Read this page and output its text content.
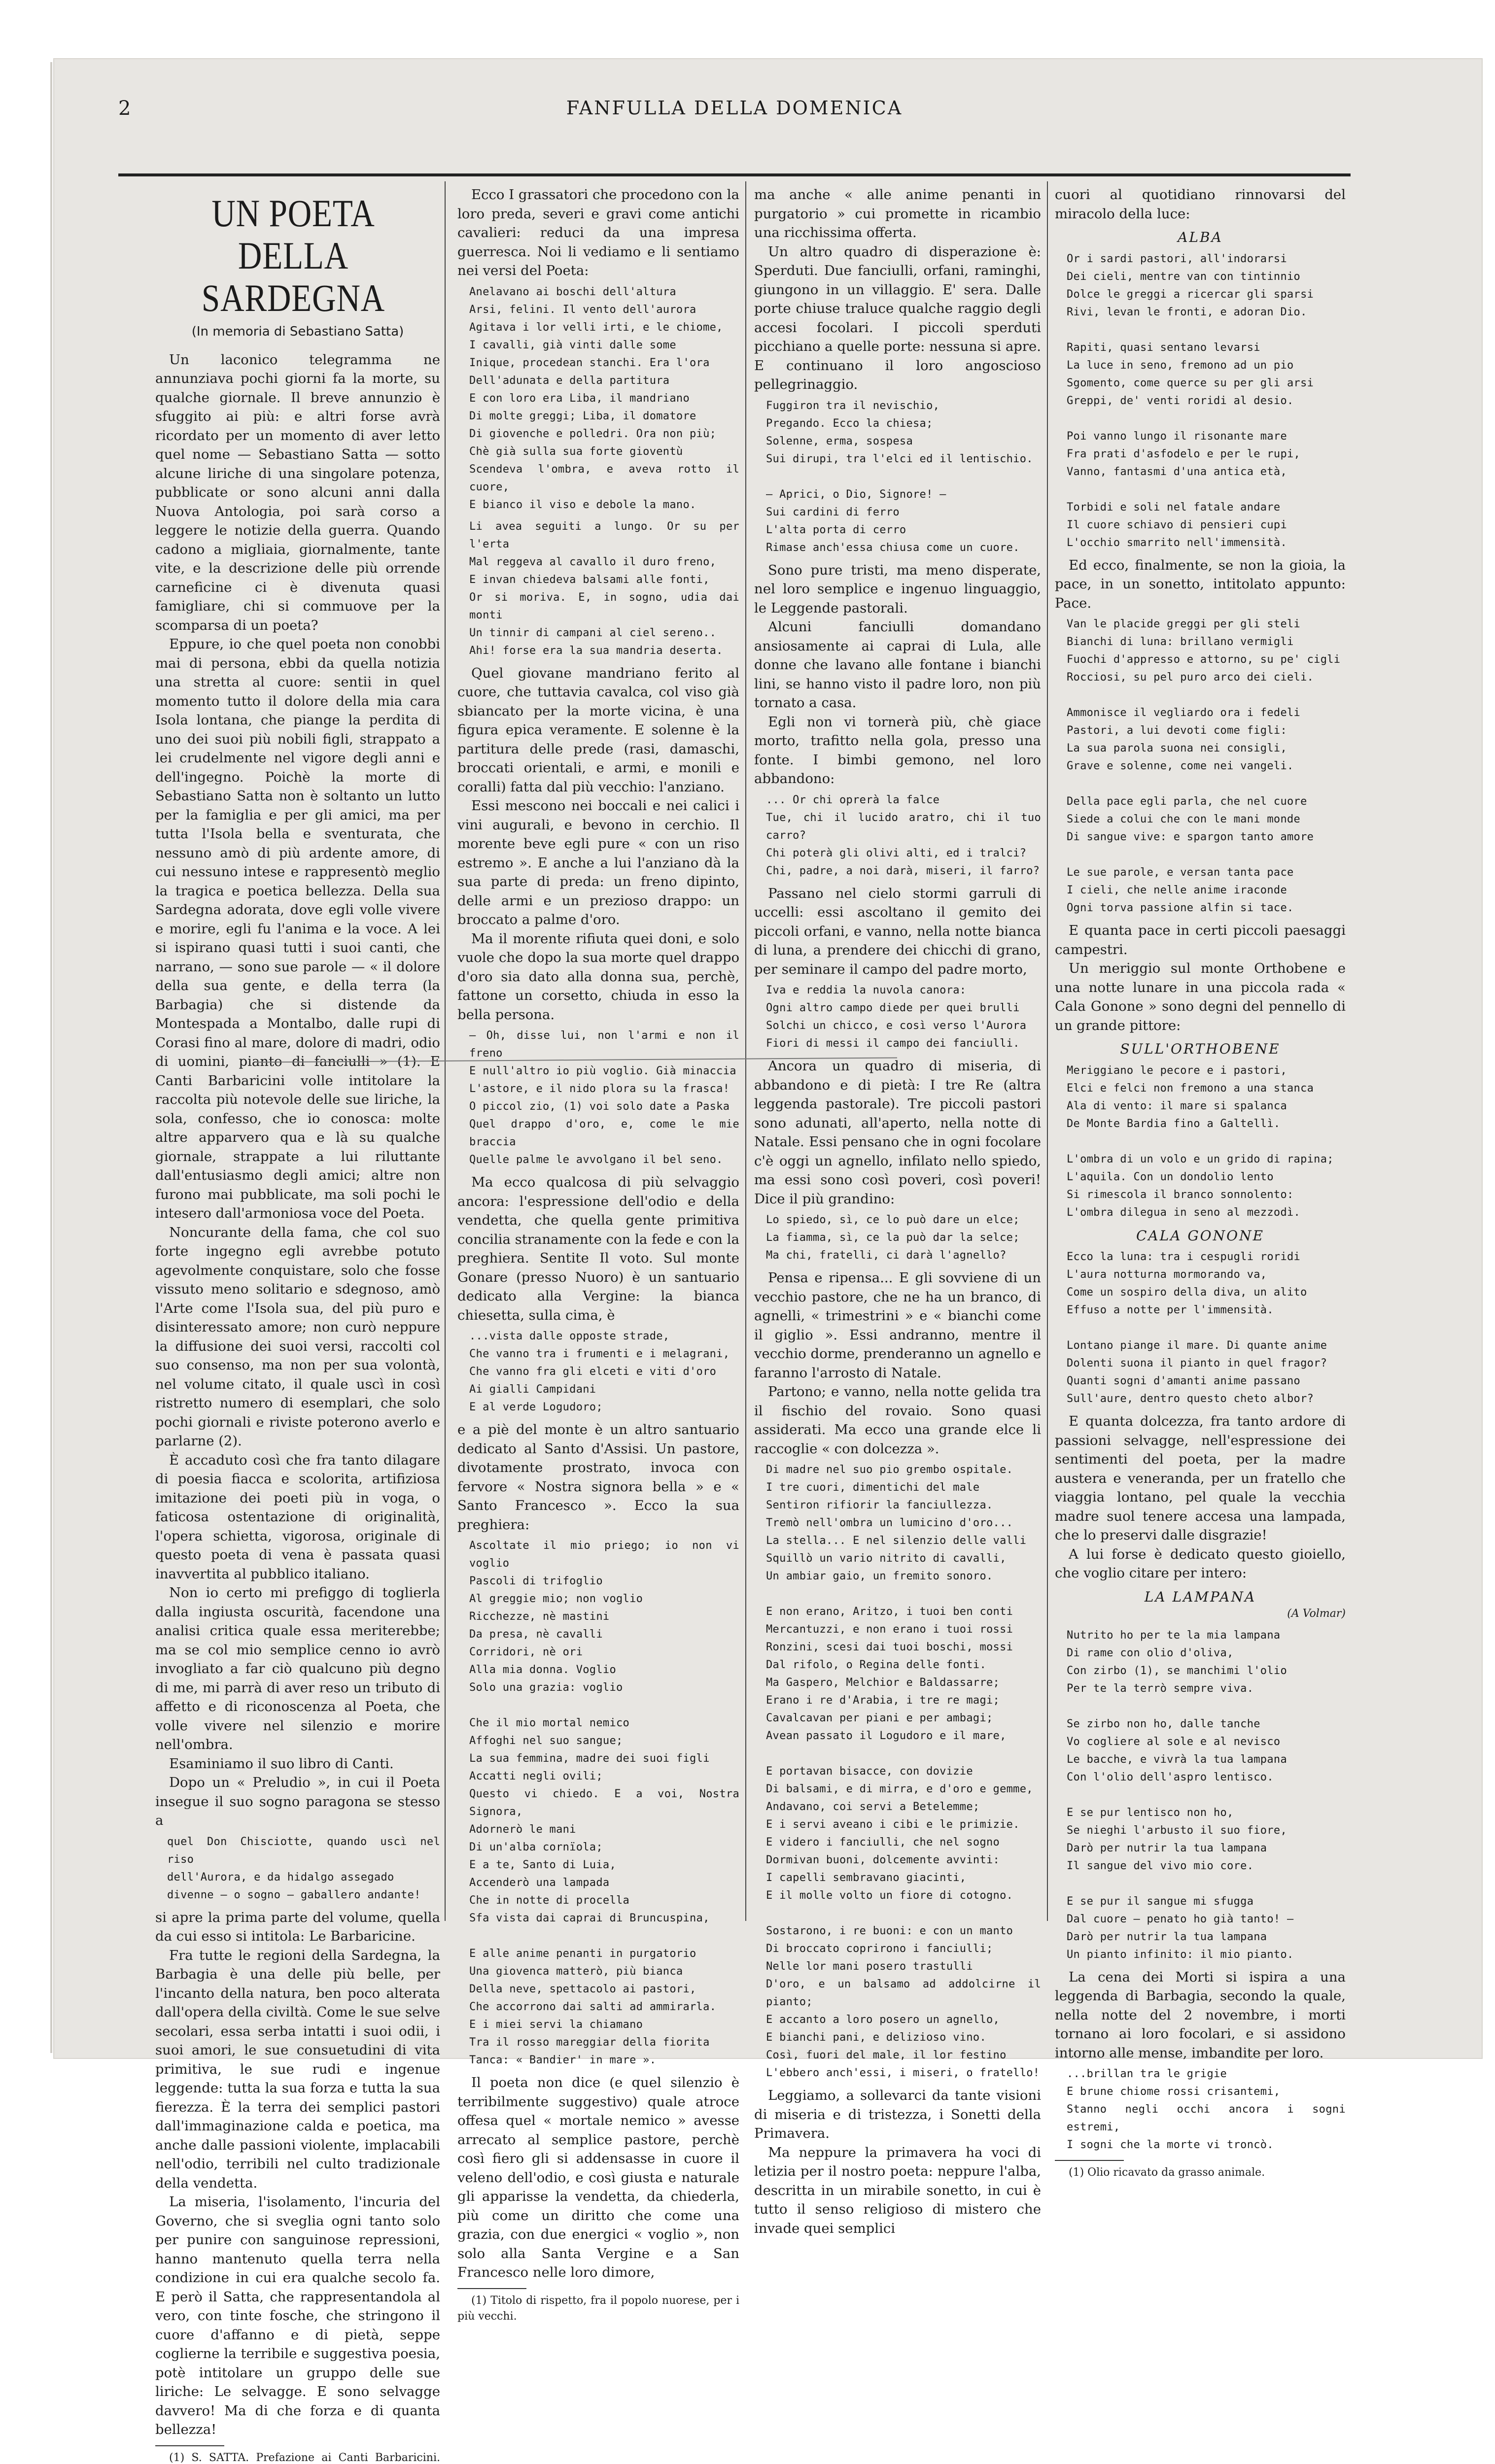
2	FANFULLA DELLA DOMENICA
UN POETA DELLA SARDEGNA
(In memoria di Sebastiano Satta)

Un laconico telegramma ne annunziava pochi giorni fa la morte, su qualche giornale. Il breve annunzio è sfuggito ai più: e altri forse avrà ricordato per un momento di aver letto quel nome — Sebastiano Satta — sotto alcune liriche di una singolare potenza, pubblicate or sono alcuni anni dalla Nuova Antologia, poi sarà corso a leggere le notizie della guerra. Quando cadono a migliaia, giornalmente, tante vite, e la descrizione delle più orrende carneficine ci è divenuta quasi famigliare, chi si commuove per la scomparsa di un poeta?

Eppure, io che quel poeta non conobbi mai di persona, ebbi da quella notizia una stretta al cuore: sentii in quel momento tutto il dolore della mia cara Isola lontana, che piange la perdita di uno dei suoi più nobili figli, strappato a lei crudelmente nel vigore degli anni e dell'ingegno. Poichè la morte di Sebastiano Satta non è soltanto un lutto per la famiglia e per gli amici, ma per tutta l'Isola bella e sventurata, che nessuno amò di più ardente amore, di cui nessuno intese e rappresentò meglio la tragica e poetica bellezza. Della sua Sardegna adorata, dove egli volle vivere e morire, egli fu l'anima e la voce. A lei si ispirano quasi tutti i suoi canti, che narrano, — sono sue parole — « il dolore della sua gente, e della terra (la Barbagia) che si distende da Montespada a Montalbo, dalle rupi di Corasi fino al mare, dolore di madri, odio di uomini, pianto di fanciulli » (1). E Canti Barbaricini volle intitolare la raccolta più notevole delle sue liriche, la sola, confesso, che io conosca: molte altre apparvero qua e là su qualche giornale, strappate a lui riluttante dall'entusiasmo degli amici; altre non furono mai pubblicate, ma soli pochi le intesero dall'armoniosa voce del Poeta.

Noncurante della fama, che col suo forte ingegno egli avrebbe potuto agevolmente conquistare, solo che fosse vissuto meno solitario e sdegnoso, amò l'Arte come l'Isola sua, del più puro e disinteressato amore; non curò neppure la diffusione dei suoi versi, raccolti col suo consenso, ma non per sua volontà, nel volume citato, il quale uscì in così ristretto numero di esemplari, che solo pochi giornali e riviste poterono averlo e parlarne (2).

È accaduto così che fra tanto dilagare di poesia fiacca e scolorita, artifiziosa imitazione dei poeti più in voga, o faticosa ostentazione di originalità, l'opera schietta, vigorosa, originale di questo poeta di vena è passata quasi inavvertita al pubblico italiano.

Non io certo mi prefiggo di toglierla dalla ingiusta oscurità, facendone una analisi critica quale essa meriterebbe; ma se col mio semplice cenno io avrò invogliato a far ciò qualcuno più degno di me, mi parrà di aver reso un tributo di affetto e di riconoscenza al Poeta, che volle vivere nel silenzio e morire nell'ombra.

Esaminiamo il suo libro di Canti.

Dopo un « Preludio », in cui il Poeta insegue il suo sogno paragona se stesso a

quel Don Chisciotte, quando uscì nel riso
dell'Aurora, e da hidalgo assegado
divenne — o sogno — gaballero andante!

si apre la prima parte del volume, quella da cui esso si intitola: Le Barbaricine.

Fra tutte le regioni della Sardegna, la Barbagia è una delle più belle, per l'incanto della natura, ben poco alterata dall'opera della civiltà. Come le sue selve secolari, essa serba intatti i suoi odii, i suoi amori, le sue consuetudini di vita primitiva, le sue rudi e ingenue leggende: tutta la sua forza e tutta la sua fierezza. È la terra dei semplici pastori dall'immaginazione calda e poetica, ma anche dalle passioni violente, implacabili nell'odio, terribili nel culto tradizionale della vendetta.

La miseria, l'isolamento, l'incuria del Governo, che si sveglia ogni tanto solo per punire con sanguinose repressioni, hanno mantenuto quella terra nella condizione in cui era qualche secolo fa. E però il Satta, che rappresentandola al vero, con tinte fosche, che stringono il cuore d'affanno e di pietà, seppe coglierne la terribile e suggestiva poesia, potè intitolare un gruppo delle sue liriche: Le selvagge. E sono selvagge davvero! Ma di che forza e di quanta bellezza!

(1) S. SATTA. Prefazione ai Canti Barbaricini.

Ecco I grassatori che procedono con la loro preda, severi e gravi come antichi cavalieri: reduci da una impresa guerresca. Noi li vediamo e li sentiamo nei versi del Poeta:

Anelavano ai boschi dell'altura
Arsi, felini. Il vento dell'aurora
Agitava i lor velli irti, e le chiome,
I cavalli, già vinti dalle some
Inique, procedean stanchi. Era l'ora
Dell'adunata e della partitura
E con loro era Liba, il mandriano
Di molte greggi; Liba, il domatore
Di giovenche e polledri. Ora non più;
Chè già sulla sua forte gioventù
Scendeva l'ombra, e aveva rotto il cuore,
E bianco il viso e debole la mano.
Li avea seguiti a lungo. Or su per l'erta
Mal reggeva al cavallo il duro freno,
E invan chiedeva balsami alle fonti,
Or si moriva. E, in sogno, udia dai monti
Un tinnir di campani al ciel sereno..
Ahi! forse era la sua mandria deserta.

Quel giovane mandriano ferito al cuore, che tuttavia cavalca, col viso già sbiancato per la morte vicina, è una figura epica veramente. E solenne è la partitura delle prede (rasi, damaschi, broccati orientali, e armi, e monili e coralli) fatta dal più vecchio: l'anziano.

Essi mescono nei boccali e nei calici i vini augurali, e bevono in cerchio. Il morente beve egli pure « con un riso estremo ». E anche a lui l'anziano dà la sua parte di preda: un freno dipinto, delle armi e un prezioso drappo: un broccato a palme d'oro.

Ma il morente rifiuta quei doni, e solo vuole che dopo la sua morte quel drappo d'oro sia dato alla donna sua, perchè, fattone un corsetto, chiuda in esso la bella persona.

— Oh, disse lui, non l'armi e non il freno
E null'altro io più voglio. Già minaccia
L'astore, e il nido plora su la frasca!
O piccol zio, (1) voi solo date a Paska
Quel drappo d'oro, e, come le mie braccia
Quelle palme le avvolgano il bel seno.

Ma ecco qualcosa di più selvaggio ancora: l'espressione dell'odio e della vendetta, che quella gente primitiva concilia stranamente con la fede e con la preghiera. Sentite Il voto. Sul monte Gonare (presso Nuoro) è un santuario dedicato alla Vergine: la bianca chiesetta, sulla cima, è

...vista dalle opposte strade,
Che vanno tra i frumenti e i melagrani,
Che vanno fra gli elceti e viti d'oro
Ai gialli Campidani
E al verde Logudoro;

e a piè del monte è un altro santuario dedicato al Santo d'Assisi. Un pastore, divotamente prostrato, invoca con fervore « Nostra signora bella » e « Santo Francesco ». Ecco la sua preghiera:

Ascoltate il mio priego; io non vi voglio
Pascoli di trifoglio
Al greggie mio; non voglio
Ricchezze, nè mastini
Da presa, nè cavalli
Corridori, nè ori
Alla mia donna. Voglio
Solo una grazia: voglio

Che il mio mortal nemico
Affoghi nel suo sangue;
La sua femmina, madre dei suoi figli
Accatti negli ovili;
Questo vi chiedo. E a voi, Nostra Signora,
Adornerò le mani
Di un'alba cornïola;
E a te, Santo di Luia,
Accenderò una lampada
Che in notte di procella
Sfa vista dai caprai di Bruncuspina,

E alle anime penanti in purgatorio
Una giovenca matterò, più bianca
Della neve, spettacolo ai pastori,
Che accorrono dai salti ad ammirarla.
E i miei servi la chiamano
Tra il rosso mareggiar della fiorita
Tanca: « Bandier' in mare ».

Il poeta non dice (e quel silenzio è terribilmente suggestivo) quale atroce offesa quel « mortale nemico » avesse arrecato al semplice pastore, perchè così fiero gli si addensasse in cuore il veleno dell'odio, e così giusta e naturale gli apparisse la vendetta, da chiederla, più come un diritto che come una grazia, con due energici « voglio », non solo alla Santa Vergine e a San Francesco nelle loro dimore,

(1) Titolo di rispetto, fra il popolo nuorese, per i più vecchi.

ma anche « alle anime penanti in purgatorio » cui promette in ricambio una ricchissima offerta.

Un altro quadro di disperazione è: Sperduti. Due fanciulli, orfani, raminghi, giungono in un villaggio. E' sera. Dalle porte chiuse traluce qualche raggio degli accesi focolari. I piccoli sperduti picchiano a quelle porte: nessuna si apre. E continuano il loro angoscioso pellegrinaggio.

Fuggiron tra il nevischio,
Pregando. Ecco la chiesa;
Solenne, erma, sospesa
Sui dirupi, tra l'elci ed il lentischio.

— Aprici, o Dio, Signore! —
Sui cardini di ferro
L'alta porta di cerro
Rimase anch'essa chiusa come un cuore.

Sono pure tristi, ma meno disperate, nel loro semplice e ingenuo linguaggio, le Leggende pastorali.

Alcuni fanciulli domandano ansiosamente ai caprai di Lula, alle donne che lavano alle fontane i bianchi lini, se hanno visto il padre loro, non più tornato a casa.

Egli non vi tornerà più, chè giace morto, trafitto nella gola, presso una fonte. I bimbi gemono, nel loro abbandono:

... Or chi oprerà la falce
Tue, chi il lucido aratro, chi il tuo carro?
Chi poterà gli olivi alti, ed i tralci?
Chi, padre, a noi darà, miseri, il farro?

Passano nel cielo stormi garruli di uccelli: essi ascoltano il gemito dei piccoli orfani, e vanno, nella notte bianca di luna, a prendere dei chicchi di grano, per seminare il campo del padre morto,

Iva e reddia la nuvola canora:
Ogni altro campo diede per quei brulli
Solchi un chicco, e così verso l'Aurora
Fiori di messi il campo dei fanciulli.

Ancora un quadro di miseria, di abbandono e di pietà: I tre Re (altra leggenda pastorale). Tre piccoli pastori sono adunati, all'aperto, nella notte di Natale. Essi pensano che in ogni focolare c'è oggi un agnello, infilato nello spiedo, ma essi sono così poveri, così poveri! Dice il più grandino:

Lo spiedo, sì, ce lo può dare un elce;
La fiamma, sì, ce la può dar la selce;
Ma chi, fratelli, ci darà l'agnello?

Pensa e ripensa... E gli sovviene di un vecchio pastore, che ne ha un branco, di agnelli, « trimestrini » e « bianchi come il giglio ». Essi andranno, mentre il vecchio dorme, prenderanno un agnello e faranno l'arrosto di Natale.

Partono; e vanno, nella notte gelida tra il fischio del rovaio. Sono quasi assiderati. Ma ecco una grande elce li raccoglie « con dolcezza ».

Di madre nel suo pio grembo ospitale.
I tre cuori, dimentichi del male
Sentiron rifiorir la fanciullezza.
Tremò nell'ombra un lumicino d'oro...
La stella... E nel silenzio delle valli
Squillò un vario nitrito di cavalli,
Un ambiar gaio, un fremito sonoro.

E non erano, Aritzo, i tuoi ben conti
Mercantuzzi, e non erano i tuoi rossi
Ronzini, scesi dai tuoi boschi, mossi
Dal rifolo, o Regina delle fonti.
Ma Gaspero, Melchior e Baldassarre;
Erano i re d'Arabia, i tre re magi;
Cavalcavan per piani e per ambagi;
Avean passato il Logudoro e il mare,

E portavan bisacce, con dovizie
Di balsami, e di mirra, e d'oro e gemme,
Andavano, coi servi a Betelemme;
E i servi aveano i cibi e le primizie.
E videro i fanciulli, che nel sogno
Dormivan buoni, dolcemente avvinti:
I capelli sembravano giacinti,
E il molle volto un fiore di cotogno.

Sostarono, i re buoni: e con un manto
Di broccato coprirono i fanciulli;
Nelle lor mani posero trastulli
D'oro, e un balsamo ad addolcirne il pianto;
E accanto a loro posero un agnello,
E bianchi pani, e delizioso vino.
Così, fuori del male, il lor festino
L'ebbero anch'essi, i miseri, o fratello!

Leggiamo, a sollevarci da tante visioni di miseria e di tristezza, i Sonetti della Primavera.

Ma neppure la primavera ha voci di letizia per il nostro poeta: neppure l'alba, descritta in un mirabile sonetto, in cui è tutto il senso religioso di mistero che invade quei semplici

cuori al quotidiano rinnovarsi del miracolo della luce:

ALBA
Or i sardi pastori, all'indorarsi
Dei cieli, mentre van con tintinnio
Dolce le greggi a ricercar gli sparsi
Rivi, levan le fronti, e adoran Dio.

Rapiti, quasi sentano levarsi
La luce in seno, fremono ad un pio
Sgomento, come querce su per gli arsi
Greppi, de' venti roridi al desio.

Poi vanno lungo il risonante mare
Fra prati d'asfodelo e per le rupi,
Vanno, fantasmi d'una antica età,

Torbidi e soli nel fatale andare
Il cuore schiavo di pensieri cupi
L'occhio smarrito nell'immensità.

Ed ecco, finalmente, se non la gioia, la pace, in un sonetto, intitolato appunto: Pace.

Van le placide greggi per gli steli
Bianchi di luna: brillano vermigli
Fuochi d'appresso e attorno, su pe' cigli
Rocciosi, su pel puro arco dei cieli.

Ammonisce il vegliardo ora i fedeli
Pastori, a lui devoti come figli:
La sua parola suona nei consigli,
Grave e solenne, come nei vangeli.

Della pace egli parla, che nel cuore
Siede a colui che con le mani monde
Di sangue vive: e spargon tanto amore

Le sue parole, e versan tanta pace
I cieli, che nelle anime iraconde
Ogni torva passione alfin si tace.

E quanta pace in certi piccoli paesaggi campestri.

Un meriggio sul monte Orthobene e una notte lunare in una piccola rada « Cala Gonone » sono degni del pennello di un grande pittore:

SULL'ORTHOBENE
Meriggiano le pecore e i pastori,
Elci e felci non fremono a una stanca
Ala di vento: il mare si spalanca
De Monte Bardia fino a Galtellì.

L'ombra di un volo e un grido di rapina;
L'aquila. Con un dondolio lento
Si rimescola il branco sonnolento:
L'ombra dilegua in seno al mezzodì.
CALA GONONE
Ecco la luna: tra i cespugli roridi
L'aura notturna mormorando va,
Come un sospiro della diva, un alito
Effuso a notte per l'immensità.

Lontano piange il mare. Di quante anime
Dolenti suona il pianto in quel fragor?
Quanti sogni d'amanti anime passano
Sull'aure, dentro questo cheto albor?

E quanta dolcezza, fra tanto ardore di passioni selvagge, nell'espressione dei sentimenti del poeta, per la madre austera e veneranda, per un fratello che viaggia lontano, pel quale la vecchia madre suol tenere accesa una lampada, che lo preservi dalle disgrazie!

A lui forse è dedicato questo gioiello, che voglio citare per intero:

LA LAMPANA
(A Volmar)
Nutrito ho per te la mia lampana
Di rame con olio d'oliva,
Con zirbo (1), se manchimi l'olio
Per te la terrò sempre viva.

Se zirbo non ho, dalle tanche
Vo cogliere al sole e al nevisco
Le bacche, e vivrà la tua lampana
Con l'olio dell'aspro lentisco.

E se pur lentisco non ho,
Se nieghi l'arbusto il suo fiore,
Darò per nutrir la tua lampana
Il sangue del vivo mio core.

E se pur il sangue mi sfugga
Dal cuore — penato ho già tanto! —
Darò per nutrir la tua lampana
Un pianto infinito: il mio pianto.

La cena dei Morti si ispira a una leggenda di Barbagia, secondo la quale, nella notte del 2 novembre, i morti tornano ai loro focolari, e si assidono intorno alle mense, imbandite per loro.

...brillan tra le grigie
E brune chiome rossi crisantemi,
Stanno negli occhi ancora i sogni estremi,
I sogni che la morte vi troncò.

(1) Olio ricavato da grasso animale.
